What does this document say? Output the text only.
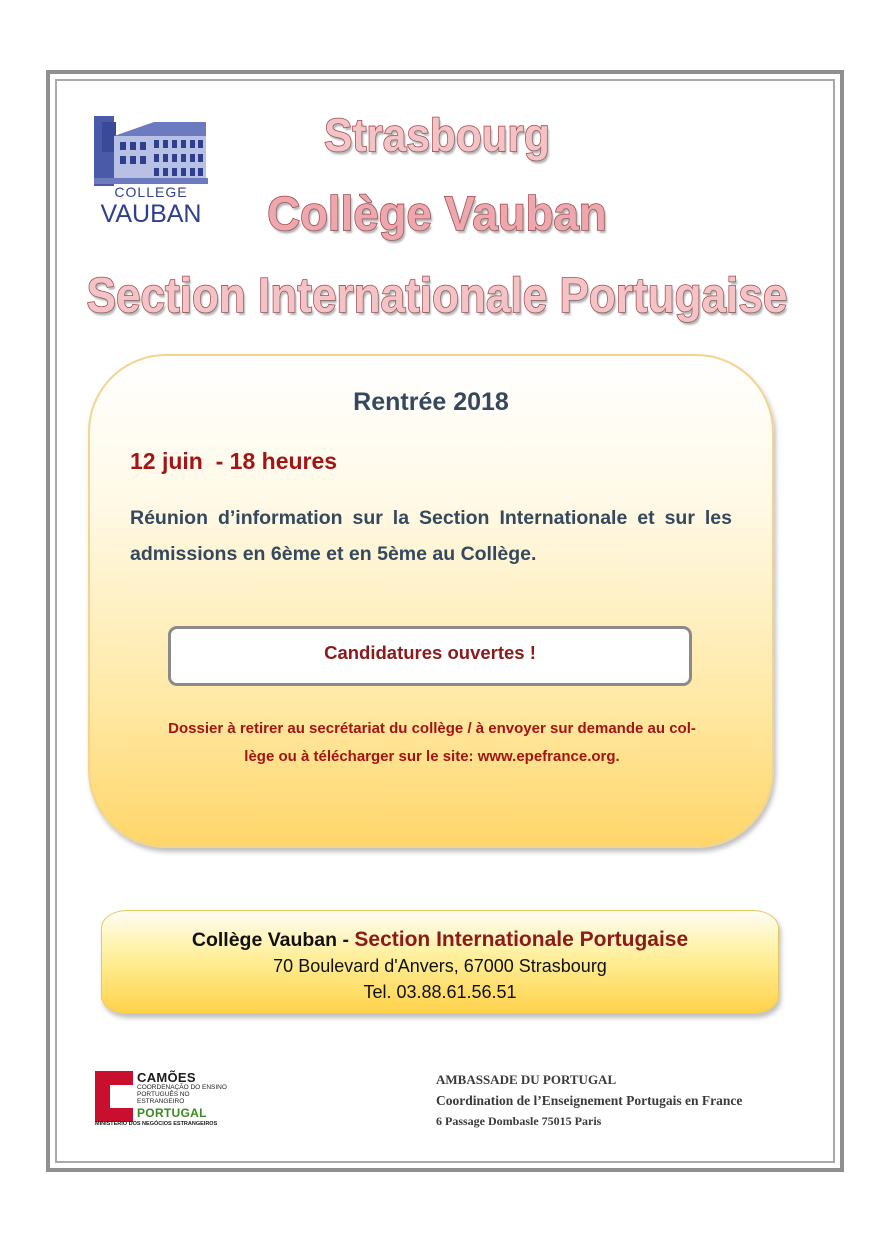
COLLEGE
VAUBAN
Strasbourg
Collège Vauban
Section Internationale Portugaise
Rentrée 2018
12 juin  - 18 heures
Réunion d’information sur la Section Internationale et sur les admissions en 6ème et en 5ème au Collège.
Candidatures ouvertes !
Dossier à retirer au secrétariat du collège / à envoyer sur demande au col-
lège ou à télécharger sur le site: www.epefrance.org.
Collège Vauban - Section Internationale Portugaise
70 Boulevard d'Anvers, 67000 Strasbourg
Tel. 03.88.61.56.51
CAMÕES
COORDENAÇÃO DO ENSINO PORTUGUÊS NO ESTRANGEIRO
PORTUGAL
MINISTÉRIO DOS NEGÓCIOS ESTRANGEIROS
AMBASSADE DU PORTUGAL
Coordination de l’Enseignement Portugais en France
6 Passage Dombasle 75015 Paris
